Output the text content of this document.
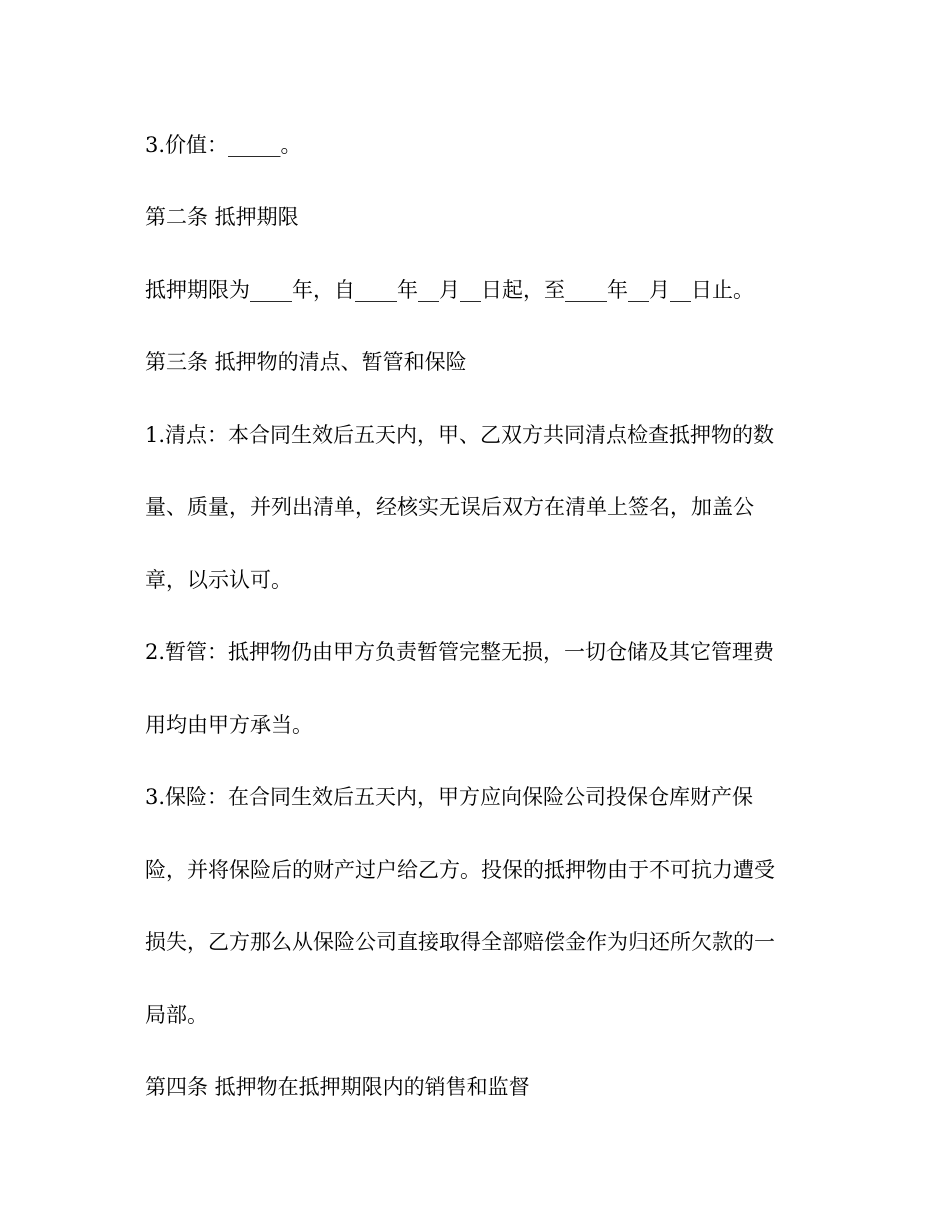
3.价值：_____。

第二条 抵押期限

抵押期限为____年，自____年__月__日起，至____年__月__日止。

第三条 抵押物的清点、暂管和保险

1.清点：本合同生效后五天内，甲、乙双方共同清点检查抵押物的数

量、质量，并列出清单，经核实无误后双方在清单上签名，加盖公

章，以示认可。

2.暂管：抵押物仍由甲方负责暂管完整无损，一切仓储及其它管理费

用均由甲方承当。

3.保险：在合同生效后五天内，甲方应向保险公司投保仓库财产保

险，并将保险后的财产过户给乙方。投保的抵押物由于不可抗力遭受

损失，乙方那么从保险公司直接取得全部赔偿金作为归还所欠款的一

局部。

第四条 抵押物在抵押期限内的销售和监督
